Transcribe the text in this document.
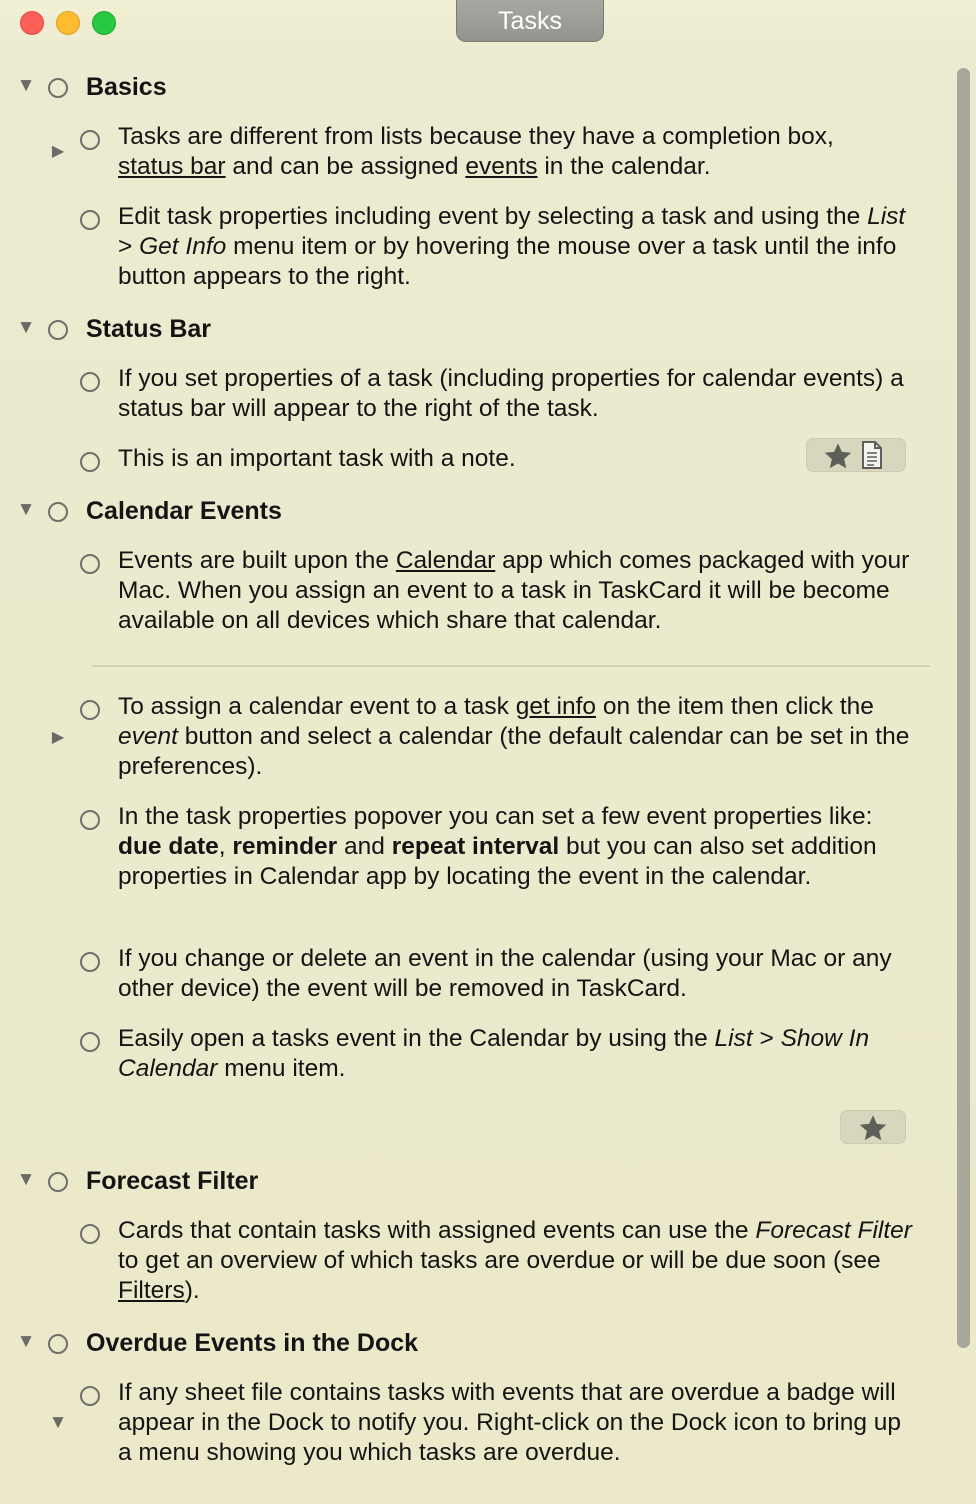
Tasks
▼ Basics
▶
Tasks are different from lists because they have a completion box,
status bar and can be assigned events in the calendar.
Edit task properties including event by selecting a task and using the List > Get Info menu item or by hovering the mouse over a task until the info button appears to the right.
▼ Status Bar
If you set properties of a task (including properties for calendar events) a status bar will appear to the right of the task.
This is an important task with a note.
▼ Calendar Events
Events are built upon the Calendar app which comes packaged with your Mac. When you assign an event to a task in TaskCard it will be become available on all devices which share that calendar.
▶
To assign a calendar event to a task get info on the item then click the event button and select a calendar (the default calendar can be set in the preferences).
In the task properties popover you can set a few event properties like: due date, reminder and repeat interval but you can also set addition properties in Calendar app by locating the event in the calendar.
If you change or delete an event in the calendar (using your Mac or any other device) the event will be removed in TaskCard.
Easily open a tasks event in the Calendar by using the List > Show In Calendar menu item.
▼ Forecast Filter
Cards that contain tasks with assigned events can use the Forecast Filter to get an overview of which tasks are overdue or will be due soon (see Filters).
▼ Overdue Events in the Dock
▼
If any sheet file contains tasks with events that are overdue a badge will appear in the Dock to notify you. Right-click on the Dock icon to bring up a menu showing you which tasks are overdue.
